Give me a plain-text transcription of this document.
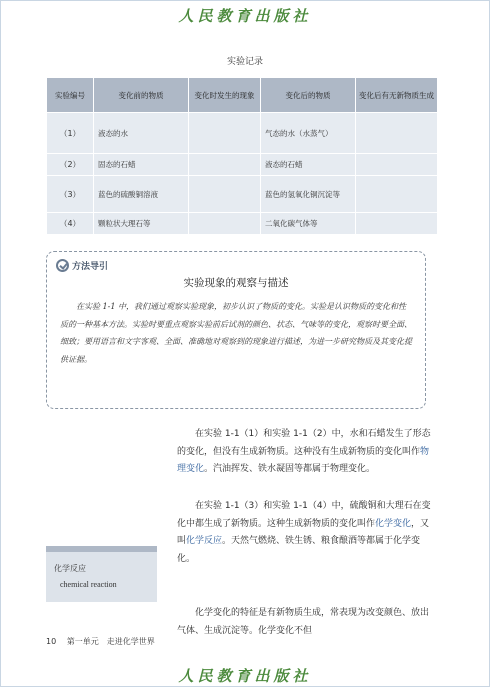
人民教育出版社
实验记录
实验编号	变化前的物质	变化时发生的现象	变化后的物质	变化后有无新物质生成
（1）	液态的水		气态的水（水蒸气）	
（2）	固态的石蜡		液态的石蜡	
（3）	蓝色的硫酸铜溶液		蓝色的氢氧化铜沉淀等	
（4）	颗粒状大理石等		二氧化碳气体等	
方法导引
实验现象的观察与描述
在实验 1-1 中，我们通过观察实验现象，初步认识了物质的变化。实验是认识物质的变化和性质的一种基本方法。实验时要重点观察实验前后试剂的颜色、状态、气味等的变化，观察时要全面、细致；要用语言和文字客观、全面、准确地对观察到的现象进行描述，为进一步研究物质及其变化提供证据。

在实验 1-1（1）和实验 1-1（2）中，水和石蜡发生了形态的变化，但没有生成新物质。这种没有生成新物质的变化叫作物理变化。汽油挥发、铁水凝固等都属于物理变化。

在实验 1-1（3）和实验 1-1（4）中，硫酸铜和大理石在变化中都生成了新物质。这种生成新物质的变化叫作化学变化，又叫化学反应。天然气燃烧、铁生锈、粮食酿酒等都属于化学变化。

化学变化的特征是有新物质生成，常表现为改变颜色、放出气体、生成沉淀等。化学变化不但

化学反应
chemical reaction
10 第一单元　走进化学世界
人民教育出版社
